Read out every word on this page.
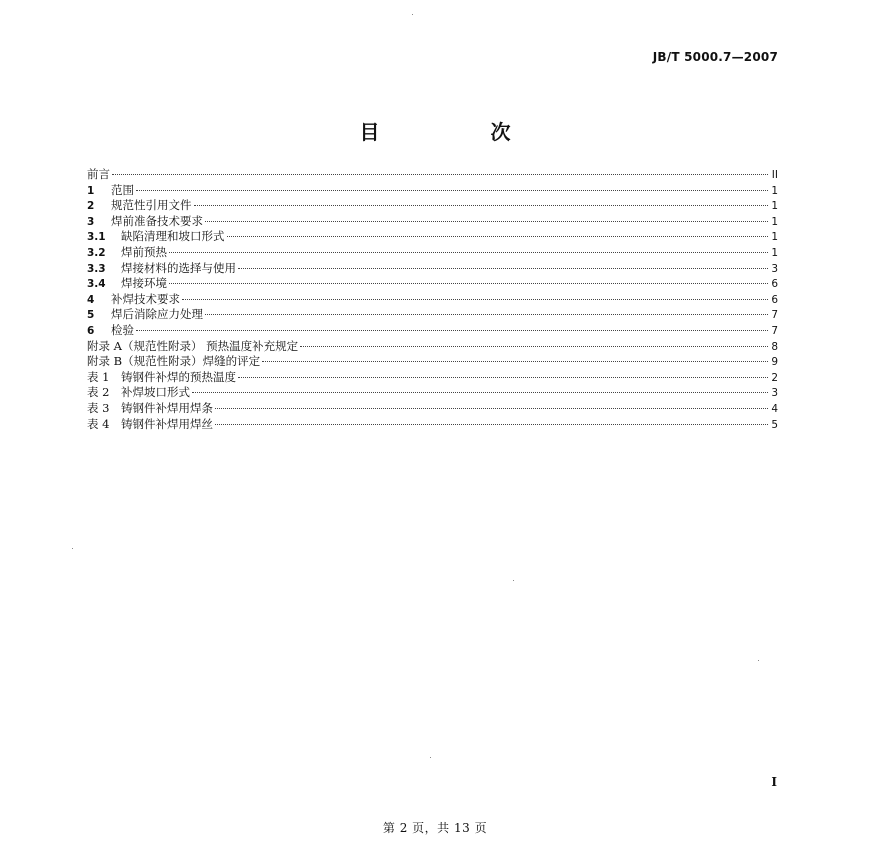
JB/T 5000.7—2007
目 次
前言	II
1	范围	1
2	规范性引用文件	1
3	焊前准备技术要求	1
3.1	缺陷清理和坡口形式	1
3.2	焊前预热	1
3.3	焊接材料的选择与使用	3
3.4	焊接环境	6
4	补焊技术要求	6
5	焊后消除应力处理	7
6	检验	7
附录 A（规范性附录） 预热温度补充规定	8
附录 B（规范性附录）焊缝的评定	9
表 1　铸钢件补焊的预热温度	2
表 2　补焊坡口形式	3
表 3　铸钢件补焊用焊条	4
表 4　铸钢件补焊用焊丝	5
I
第 2 页，共 13 页
